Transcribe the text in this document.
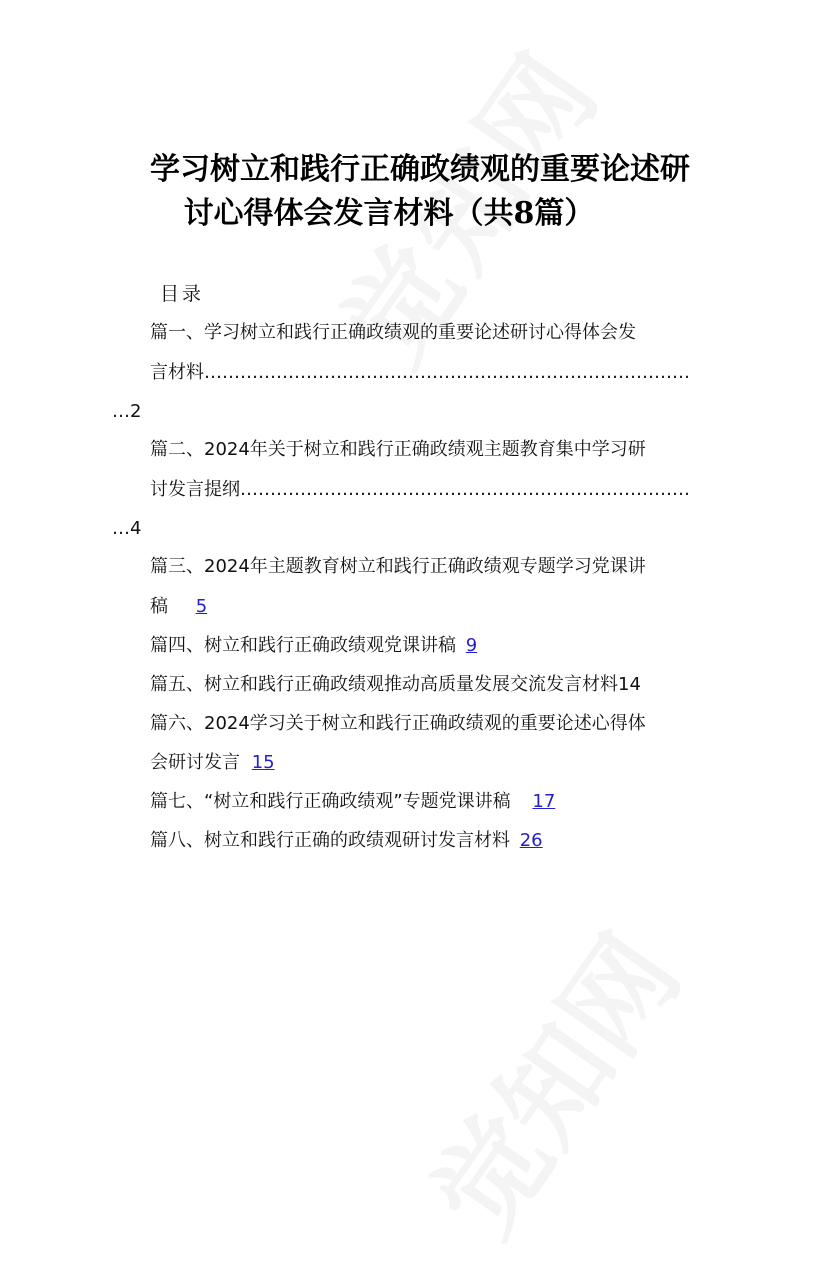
学习树立和践行正确政绩观的重要论述研
讨心得体会发言材料（共8篇）
目录
篇一、学习树立和践行正确政绩观的重要论述研讨心得体会发
言材料………………………………………………………………………
…2
篇二、2024年关于树立和践行正确政绩观主题教育集中学习研
讨发言提纲…………………………………………………………………
…4
篇三、2024年主题教育树立和践行正确政绩观专题学习党课讲
稿 5
篇四、树立和践行正确政绩观党课讲稿 9
篇五、树立和践行正确政绩观推动高质量发展交流发言材料14
篇六、2024学习关于树立和践行正确政绩观的重要论述心得体
会研讨发言 15
篇七、“树立和践行正确政绩观”专题党课讲稿 17
篇八、树立和践行正确的政绩观研讨发言材料 26
